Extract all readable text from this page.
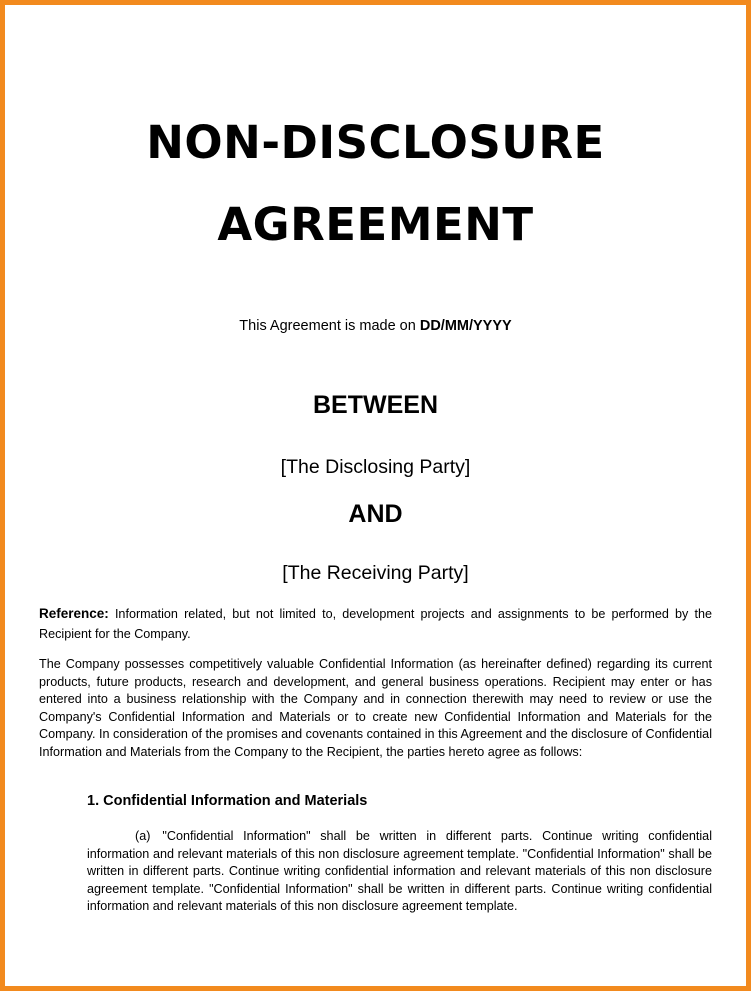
NON-DISCLOSURE
AGREEMENT
This Agreement is made on DD/MM/YYYY
BETWEEN
[The Disclosing Party]
AND
[The Receiving Party]

Reference: Information related, but not limited to, development projects and assignments to be performed by the Recipient for the Company.

The Company possesses competitively valuable Confidential Information (as hereinafter defined) regarding its current products, future products, research and development, and general business operations. Recipient may enter or has entered into a business relationship with the Company and in connection therewith may need to review or use the Company's Confidential Information and Materials or to create new Confidential Information and Materials for the Company. In consideration of the promises and covenants contained in this Agreement and the disclosure of Confidential Information and Materials from the Company to the Recipient, the parties hereto agree as follows:

1. Confidential Information and Materials

(a) "Confidential Information" shall be written in different parts. Continue writing confidential information and relevant materials of this non disclosure agreement template. "Confidential Information" shall be written in different parts. Continue writing confidential information and relevant materials of this non disclosure agreement template. "Confidential Information" shall be written in different parts. Continue writing confidential information and relevant materials of this non disclosure agreement template.
